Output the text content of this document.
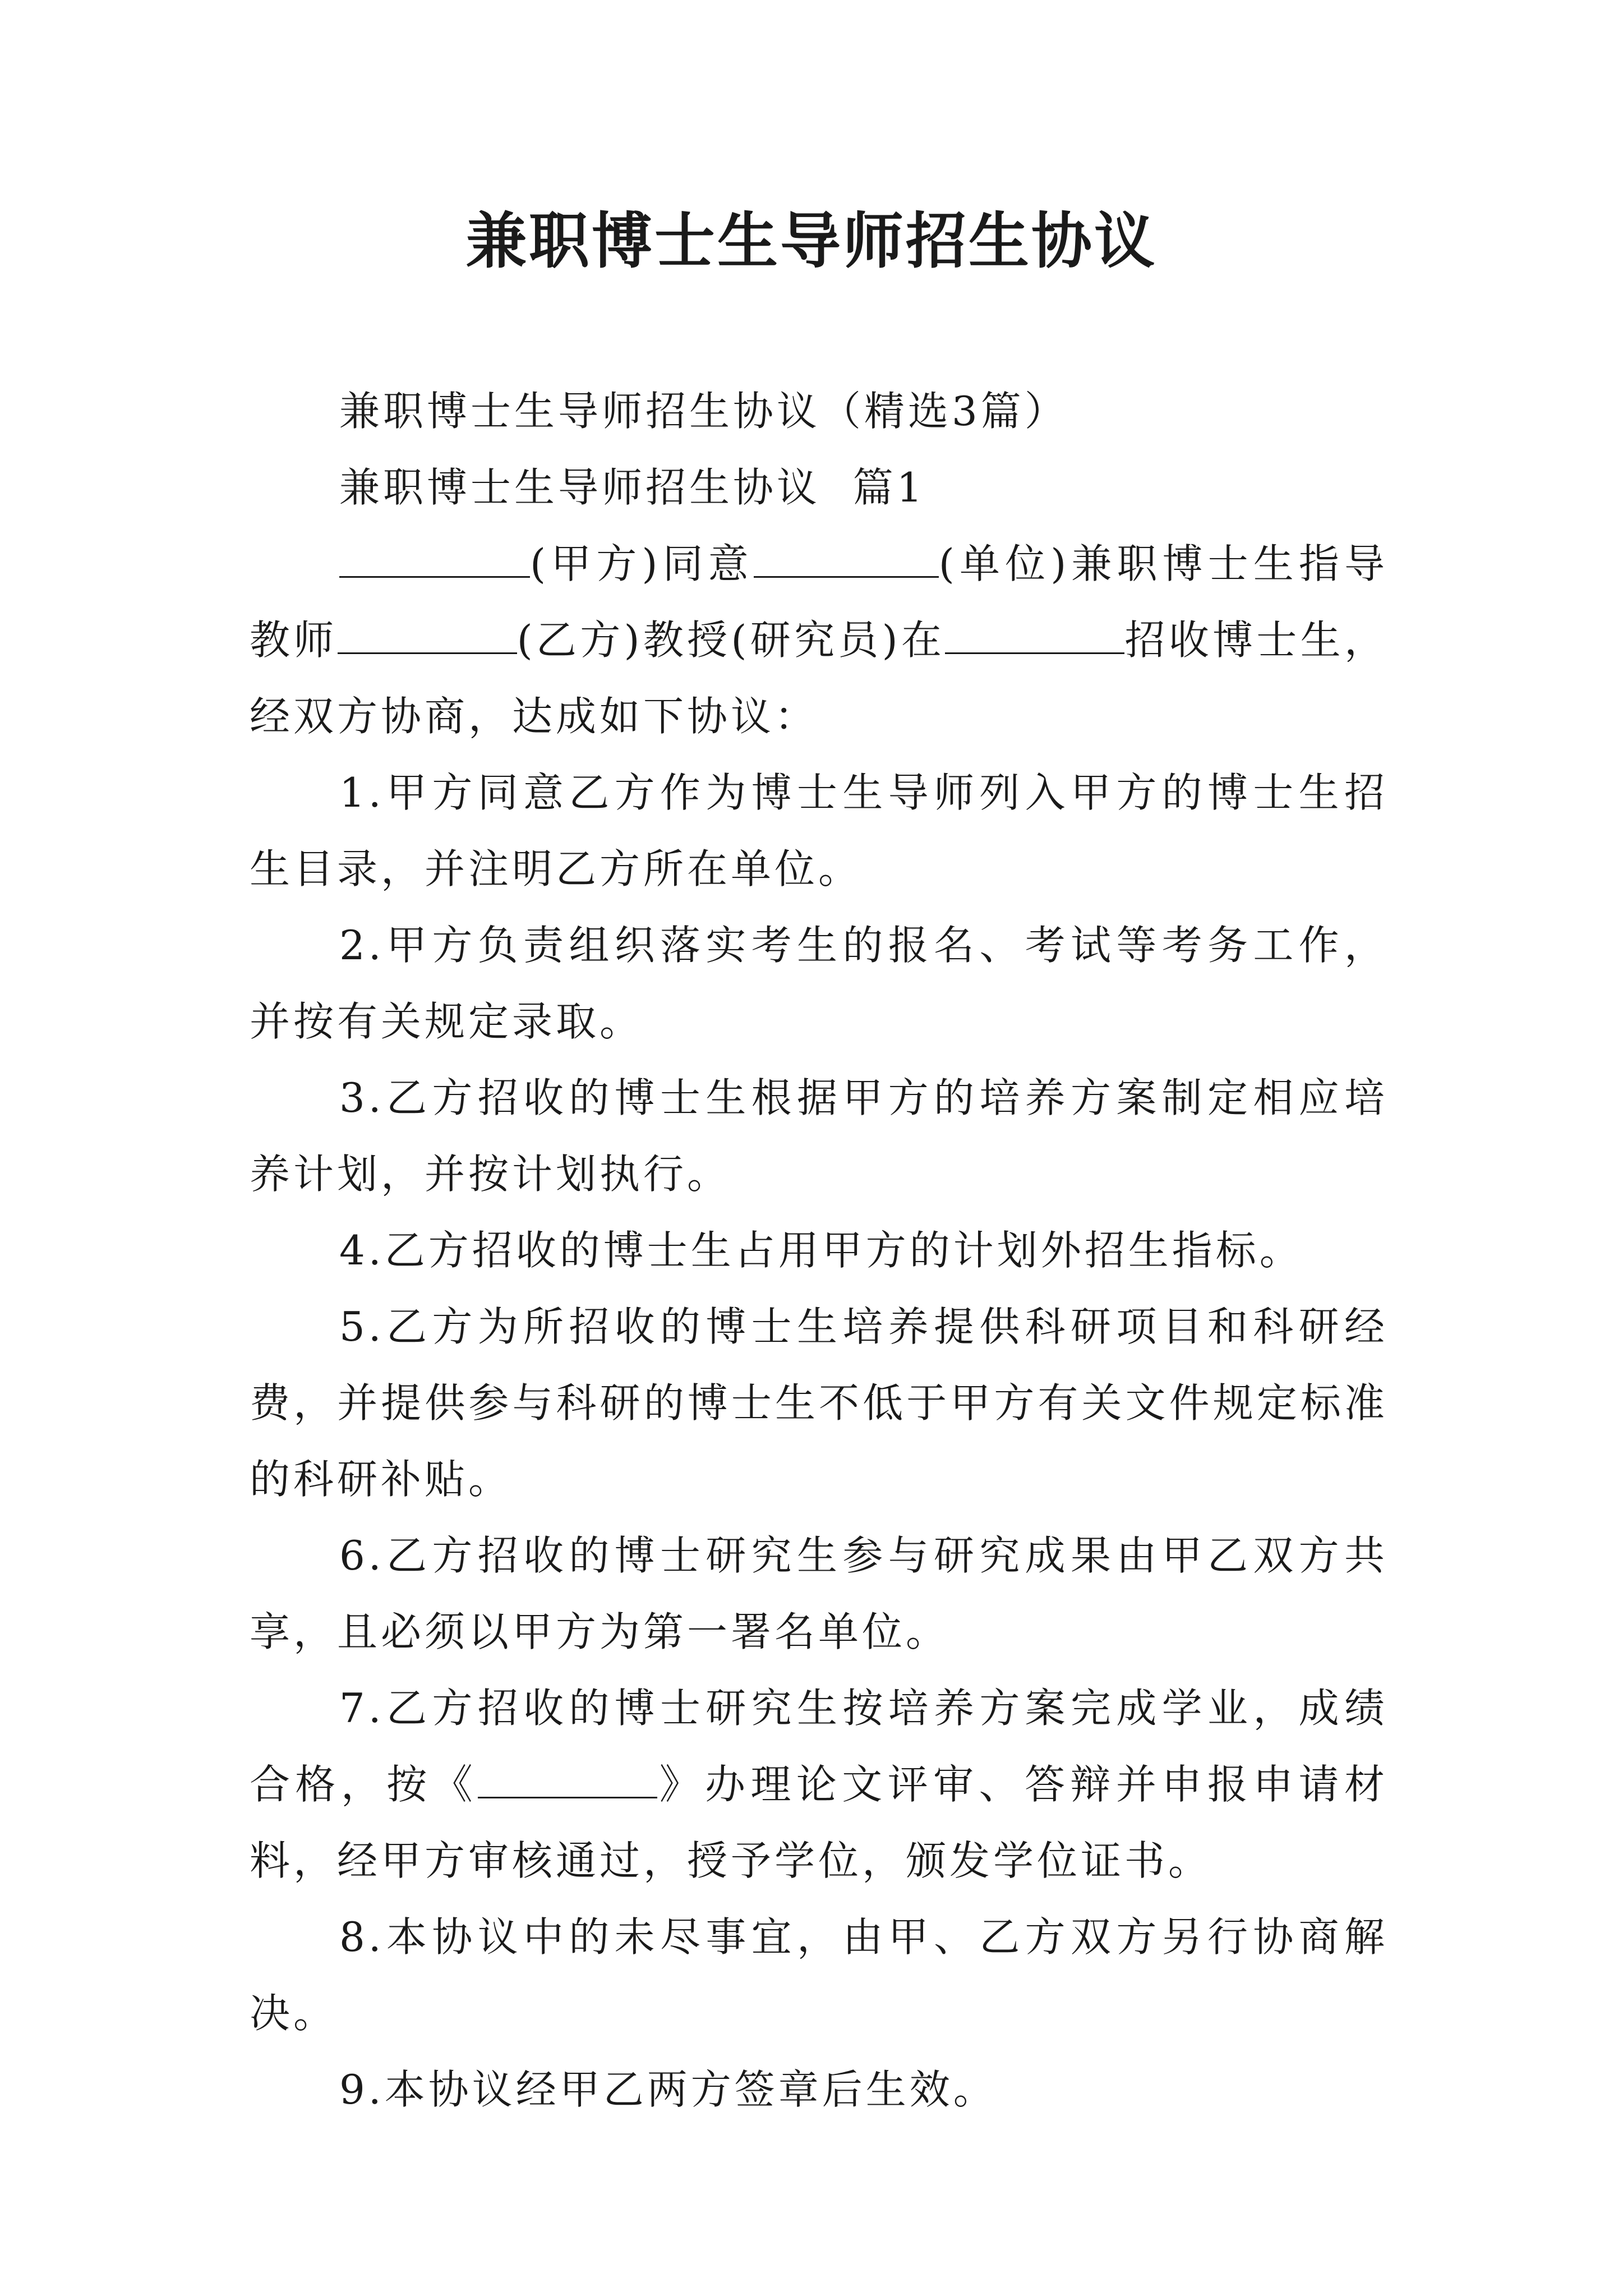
兼职博士生导师招生协议

兼职博士生导师招生协议（精选3篇）

兼职博士生导师招生协议  篇1

(甲方)同意	(单位)兼职博士生指导教师	(乙方)教授(研究员)在	招收博士生，经双方协商，达成如下协议：

1.甲方同意乙方作为博士生导师列入甲方的博士生招生目录，并注明乙方所在单位。

2.甲方负责组织落实考生的报名、考试等考务工作，并按有关规定录取。

3.乙方招收的博士生根据甲方的培养方案制定相应培养计划，并按计划执行。

4.乙方招收的博士生占用甲方的计划外招生指标。

5.乙方为所招收的博士生培养提供科研项目和科研经费，并提供参与科研的博士生不低于甲方有关文件规定标准的科研补贴。

6.乙方招收的博士研究生参与研究成果由甲乙双方共享，且必须以甲方为第一署名单位。

7.乙方招收的博士研究生按培养方案完成学业，成绩合格，按《	》办理论文评审、答辩并申报申请材料，经甲方审核通过，授予学位，颁发学位证书。

8.本协议中的未尽事宜，由甲、乙方双方另行协商解决。

9.本协议经甲乙两方签章后生效。
